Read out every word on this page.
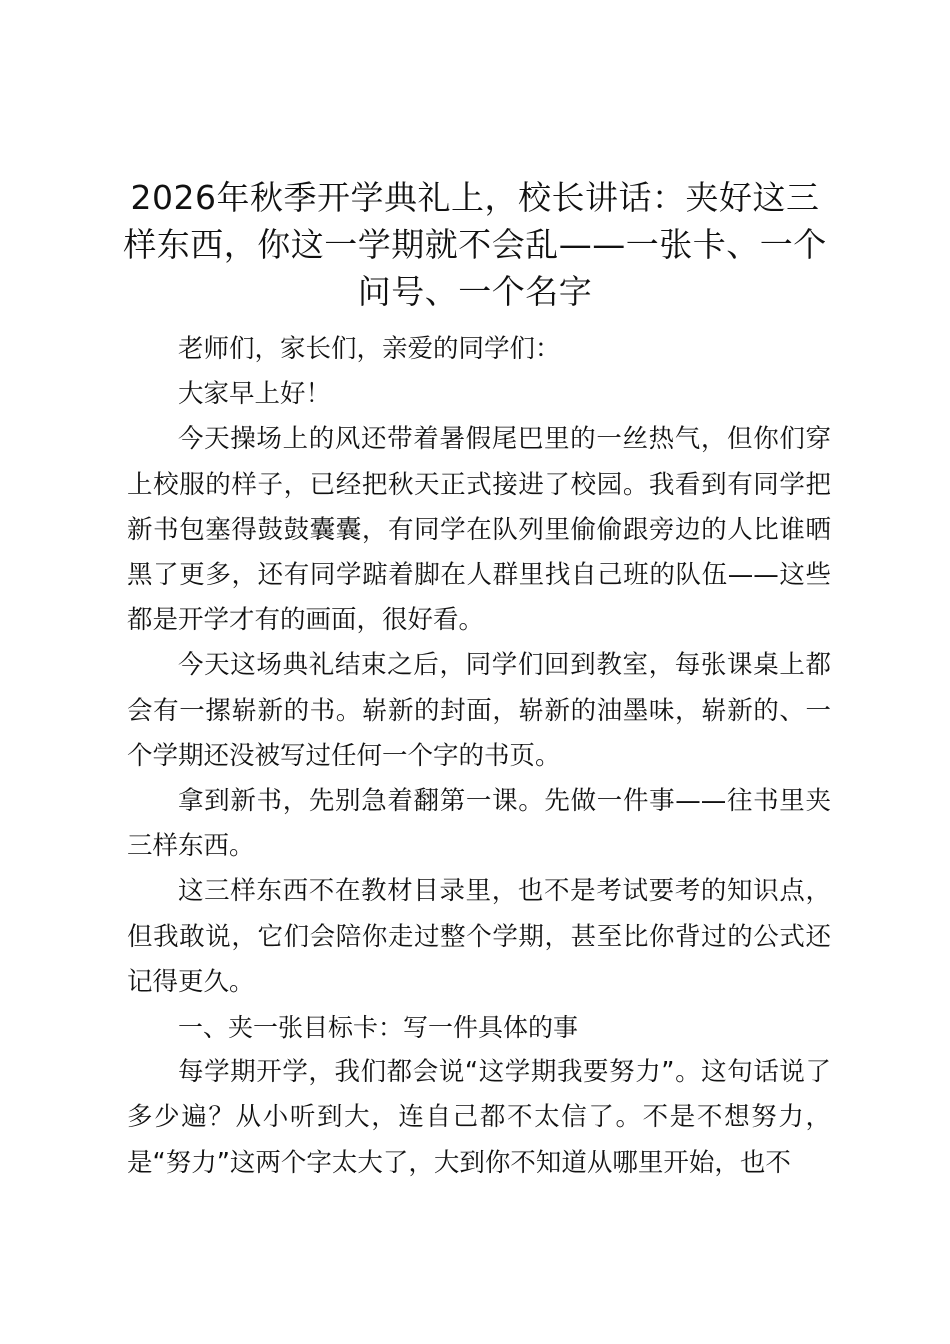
2026年秋季开学典礼上，校长讲话：夹好这三样东西，你这一学期就不会乱——一张卡、一个问号、一个名字

老师们，家长们，亲爱的同学们：

大家早上好！

今天操场上的风还带着暑假尾巴里的一丝热气，但你们穿上校服的样子，已经把秋天正式接进了校园。我看到有同学把新书包塞得鼓鼓囊囊，有同学在队列里偷偷跟旁边的人比谁晒黑了更多，还有同学踮着脚在人群里找自己班的队伍——这些都是开学才有的画面，很好看。

今天这场典礼结束之后，同学们回到教室，每张课桌上都会有一摞崭新的书。崭新的封面，崭新的油墨味，崭新的、一个学期还没被写过任何一个字的书页。

拿到新书，先别急着翻第一课。先做一件事——往书里夹三样东西。

这三样东西不在教材目录里，也不是考试要考的知识点，但我敢说，它们会陪你走过整个学期，甚至比你背过的公式还记得更久。

一、夹一张目标卡：写一件具体的事

每学期开学，我们都会说“这学期我要努力”。这句话说了多少遍？从小听到大，连自己都不太信了。不是不想努力，是“努力”这两个字太大了，大到你不知道从哪里开始，也不
